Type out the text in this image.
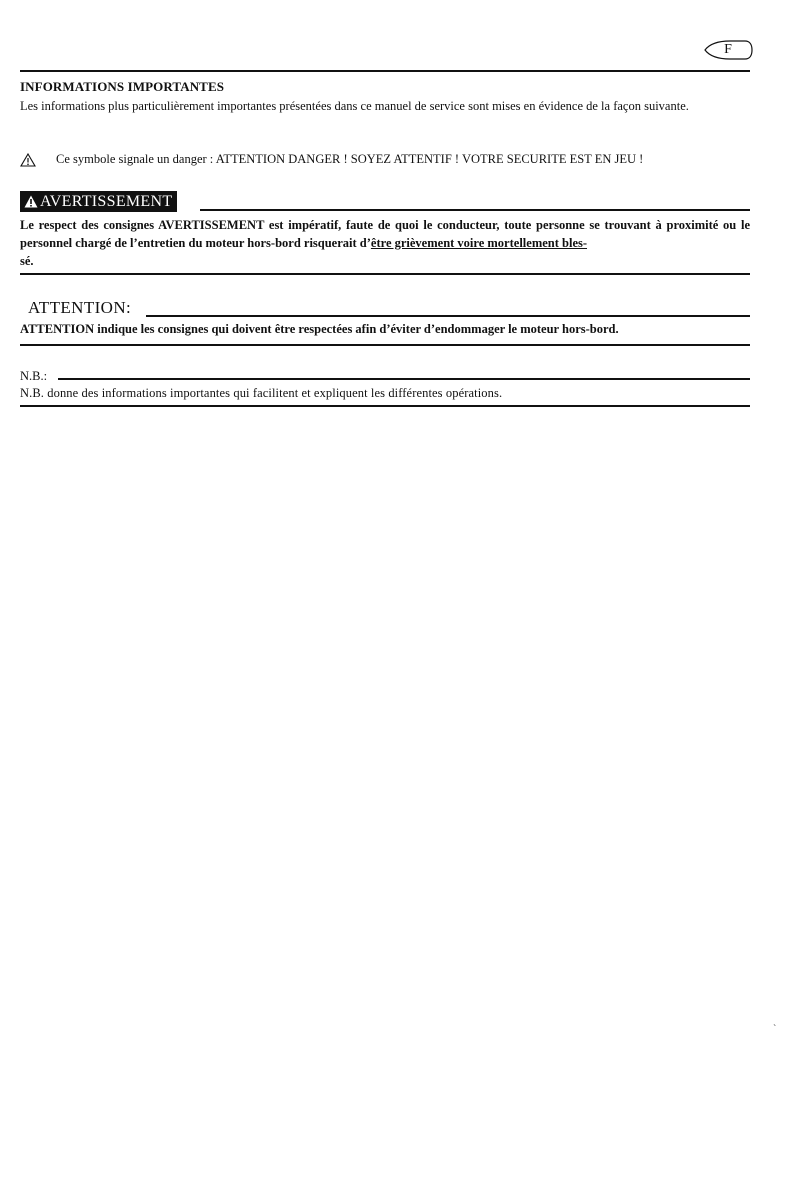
F
INFORMATIONS IMPORTANTES
Les informations plus particulièrement importantes présentées dans ce manuel de service sont mises en évidence de la façon suivante.
Ce symbole signale un danger : ATTENTION DANGER ! SOYEZ ATTENTIF ! VOTRE SECURITE EST EN JEU !
AVERTISSEMENT
Le respect des consignes AVERTISSEMENT est impératif, faute de quoi le conducteur, toute personne se trouvant à proximité ou le personnel chargé de l’entretien du moteur hors-bord risquerait d’être grièvement voire mortellement bles-
sé.
ATTENTION:
ATTENTION indique les consignes qui doivent être respectées afin d’éviter d’endommager le moteur hors-bord.
N.B.:
N.B. donne des informations importantes qui facilitent et expliquent les différentes opérations.
`
